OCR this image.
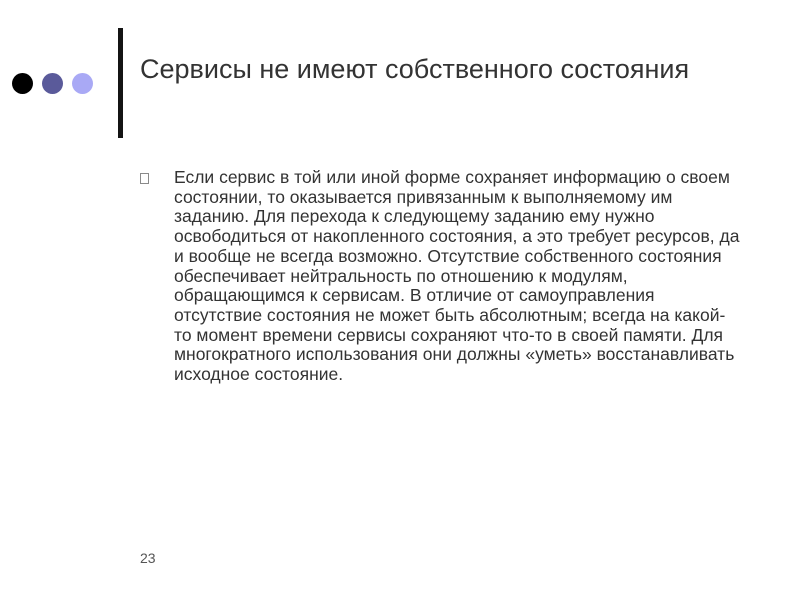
Сервисы не имеют собственного состояния
Если сервис в той или иной форме сохраняет информацию о своем состоянии, то оказывается привязанным к выполняемому им заданию. Для перехода к следующему заданию ему нужно освободиться от накопленного состояния, а это требует ресурсов, да и вообще не всегда возможно. Отсутствие собственного состояния обеспечивает нейтральность по отношению к модулям, обращающимся к сервисам. В отличие от самоуправления отсутствие состояния не может быть абсолютным; всегда на какой-то момент времени сервисы сохраняют что-то в своей памяти. Для многократного использования они должны «уметь» восстанавливать исходное состояние.
23
